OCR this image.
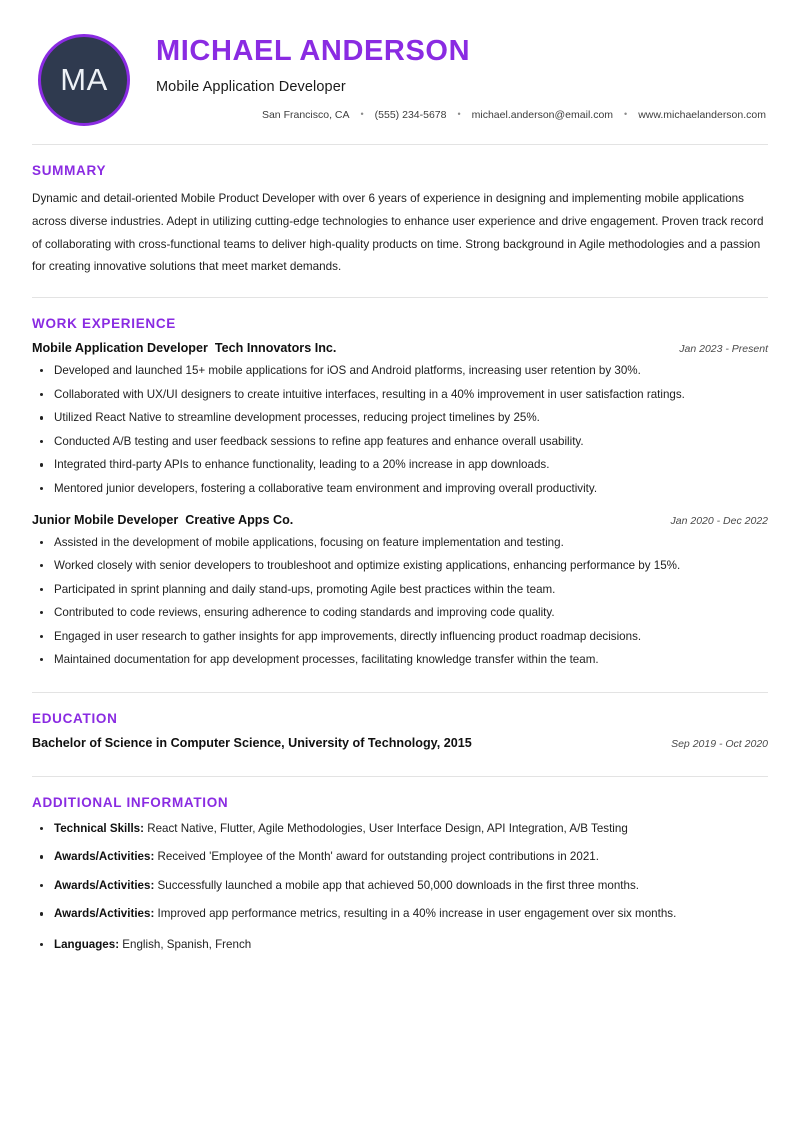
MA
MICHAEL ANDERSON
Mobile Application Developer
San Francisco, CA • (555) 234-5678 • michael.anderson@email.com • www.michaelanderson.com
SUMMARY

Dynamic and detail-oriented Mobile Product Developer with over 6 years of experience in designing and implementing mobile applications across diverse industries. Adept in utilizing cutting-edge technologies to enhance user experience and drive engagement. Proven track record of collaborating with cross-functional teams to deliver high-quality products on time. Strong background in Agile methodologies and a passion for creating innovative solutions that meet market demands.

WORK EXPERIENCE
Mobile Application Developer Tech Innovators Inc.	Jan 2023 - Present
Developed and launched 15+ mobile applications for iOS and Android platforms, increasing user retention by 30%.
Collaborated with UX/UI designers to create intuitive interfaces, resulting in a 40% improvement in user satisfaction ratings.
Utilized React Native to streamline development processes, reducing project timelines by 25%.
Conducted A/B testing and user feedback sessions to refine app features and enhance overall usability.
Integrated third-party APIs to enhance functionality, leading to a 20% increase in app downloads.
Mentored junior developers, fostering a collaborative team environment and improving overall productivity.
Junior Mobile Developer Creative Apps Co.	Jan 2020 - Dec 2022
Assisted in the development of mobile applications, focusing on feature implementation and testing.
Worked closely with senior developers to troubleshoot and optimize existing applications, enhancing performance by 15%.
Participated in sprint planning and daily stand-ups, promoting Agile best practices within the team.
Contributed to code reviews, ensuring adherence to coding standards and improving code quality.
Engaged in user research to gather insights for app improvements, directly influencing product roadmap decisions.
Maintained documentation for app development processes, facilitating knowledge transfer within the team.
EDUCATION
Bachelor of Science in Computer Science, University of Technology, 2015	Sep 2019 - Oct 2020
ADDITIONAL INFORMATION
Technical Skills: React Native, Flutter, Agile Methodologies, User Interface Design, API Integration, A/B Testing
Awards/Activities: Received 'Employee of the Month' award for outstanding project contributions in 2021.
Awards/Activities: Successfully launched a mobile app that achieved 50,000 downloads in the first three months.
Awards/Activities: Improved app performance metrics, resulting in a 40% increase in user engagement over six months.
Languages: English, Spanish, French
